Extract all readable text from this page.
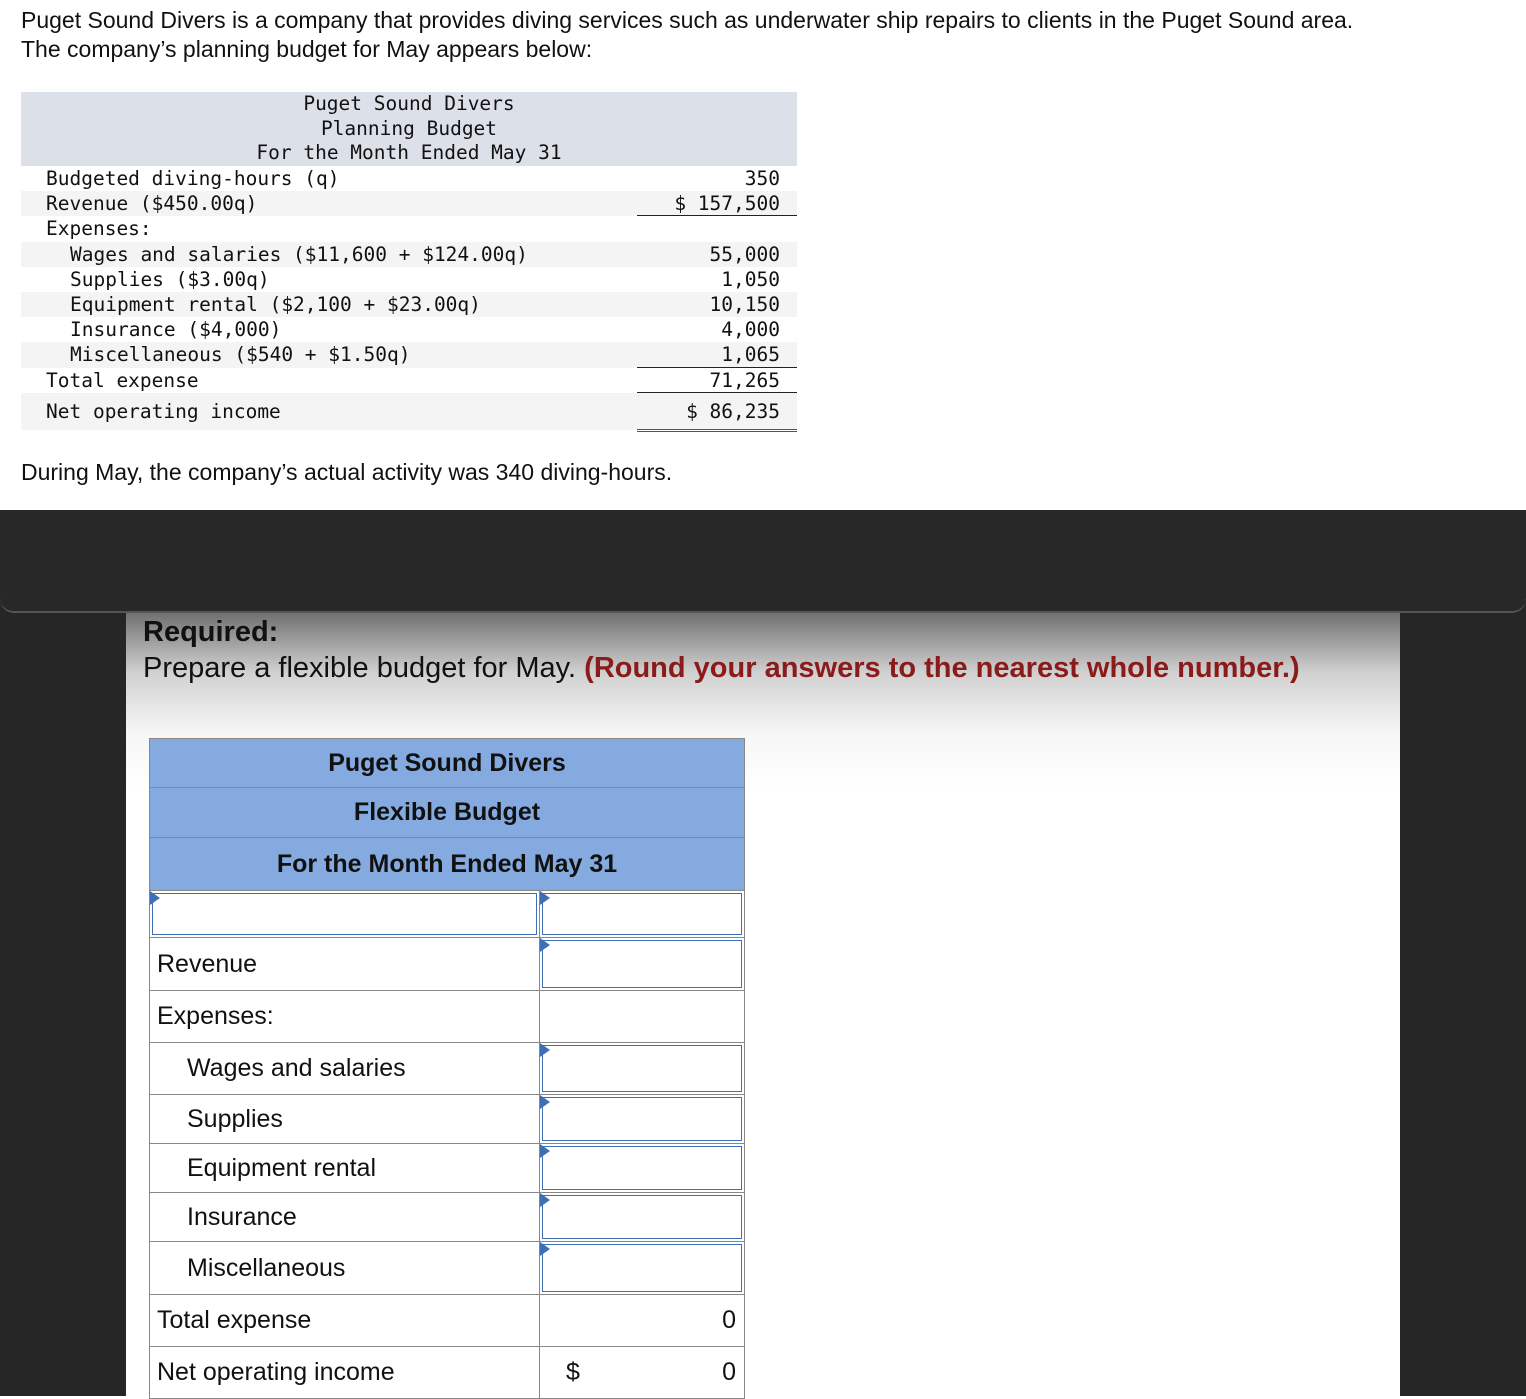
Puget Sound Divers is a company that provides diving services such as underwater ship repairs to clients in the Puget Sound area.
The company’s planning budget for May appears below:
Puget Sound Divers
Planning Budget
For the Month Ended May 31
Budgeted diving-hours (q)	350
Revenue ($450.00q)	$ 157,500
Expenses:
Wages and salaries ($11,600 + $124.00q)	55,000
Supplies ($3.00q)	1,050
Equipment rental ($2,100 + $23.00q)	10,150
Insurance ($4,000)	4,000
Miscellaneous ($540 + $1.50q)	1,065
Total expense	71,265
Net operating income	$ 86,235
During May, the company’s actual activity was 340 diving-hours.
Required:
Prepare a flexible budget for May. (Round your answers to the nearest whole number.)
Puget Sound Divers
Flexible Budget
For the Month Ended May 31
Revenue
Expenses:
Wages and salaries
Supplies
Equipment rental
Insurance
Miscellaneous
Total expense	0
Net operating income	$	0
